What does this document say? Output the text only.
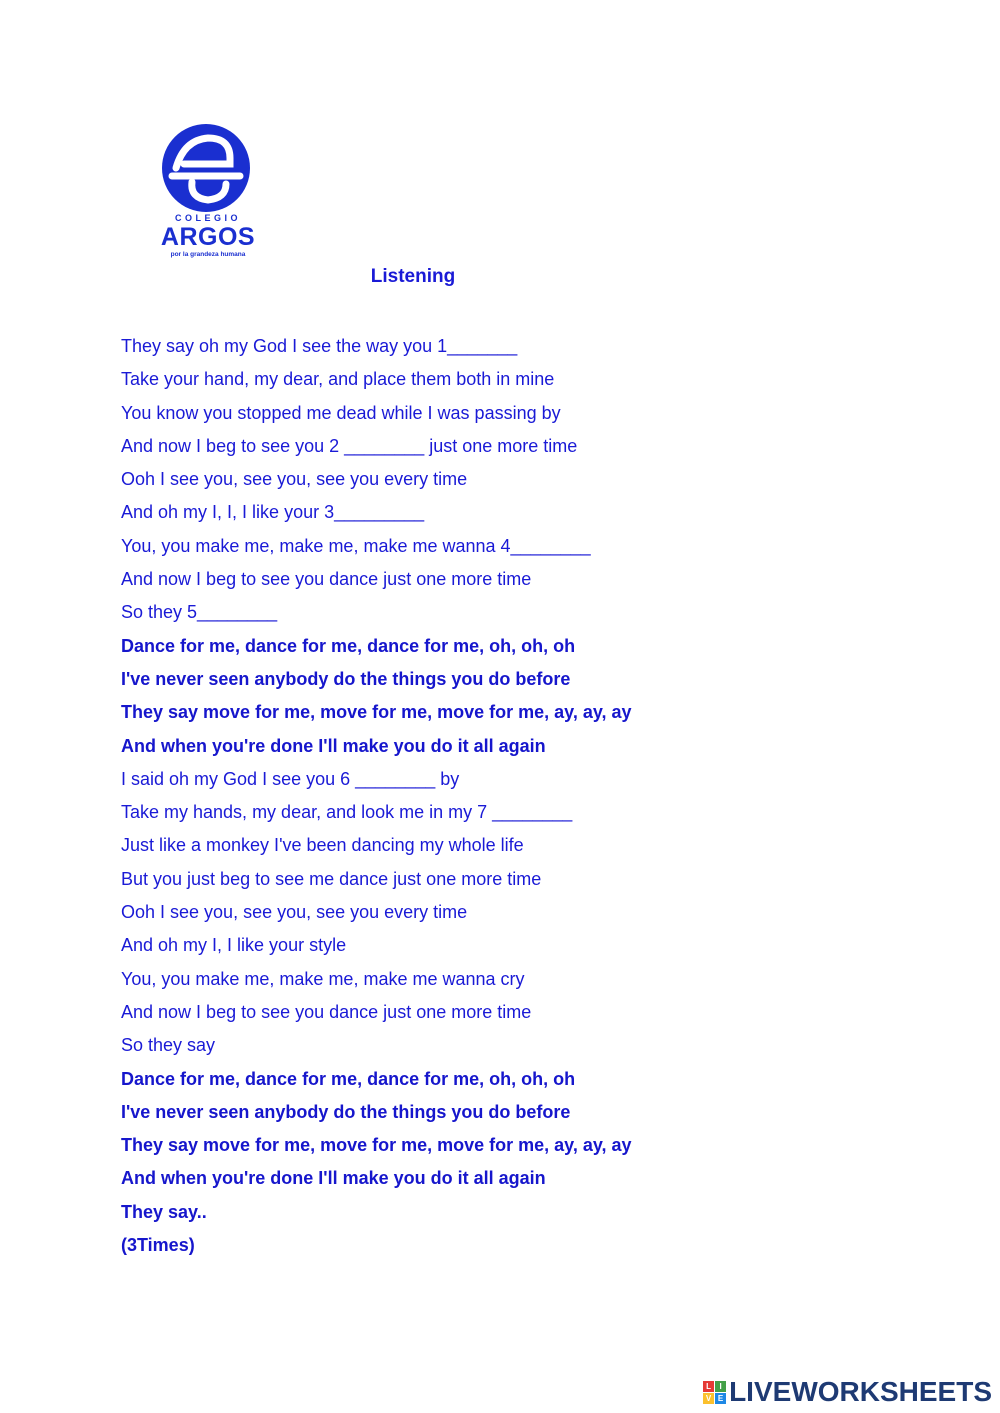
COLEGIO
ARGOS
por la grandeza humana
Listening
They say oh my God I see the way you 1_______
Take your hand, my dear, and place them both in mine
You know you stopped me dead while I was passing by
And now I beg to see you 2 ________ just one more time
Ooh I see you, see you, see you every time
And oh my I, I, I like your 3_________
You, you make me, make me, make me wanna 4________
And now I beg to see you dance just one more time
So they 5________
Dance for me, dance for me, dance for me, oh, oh, oh
I've never seen anybody do the things you do before
They say move for me, move for me, move for me, ay, ay, ay
And when you're done I'll make you do it all again
I said oh my God I see you 6 ________ by
Take my hands, my dear, and look me in my 7 ________
Just like a monkey I've been dancing my whole life
But you just beg to see me dance just one more time
Ooh I see you, see you, see you every time
And oh my I, I like your style
You, you make me, make me, make me wanna cry
And now I beg to see you dance just one more time
So they say
Dance for me, dance for me, dance for me, oh, oh, oh
I've never seen anybody do the things you do before
They say move for me, move for me, move for me, ay, ay, ay
And when you're done I'll make you do it all again
They say..
(3Times)
L	I
V E LIVEWORKSHEETS
